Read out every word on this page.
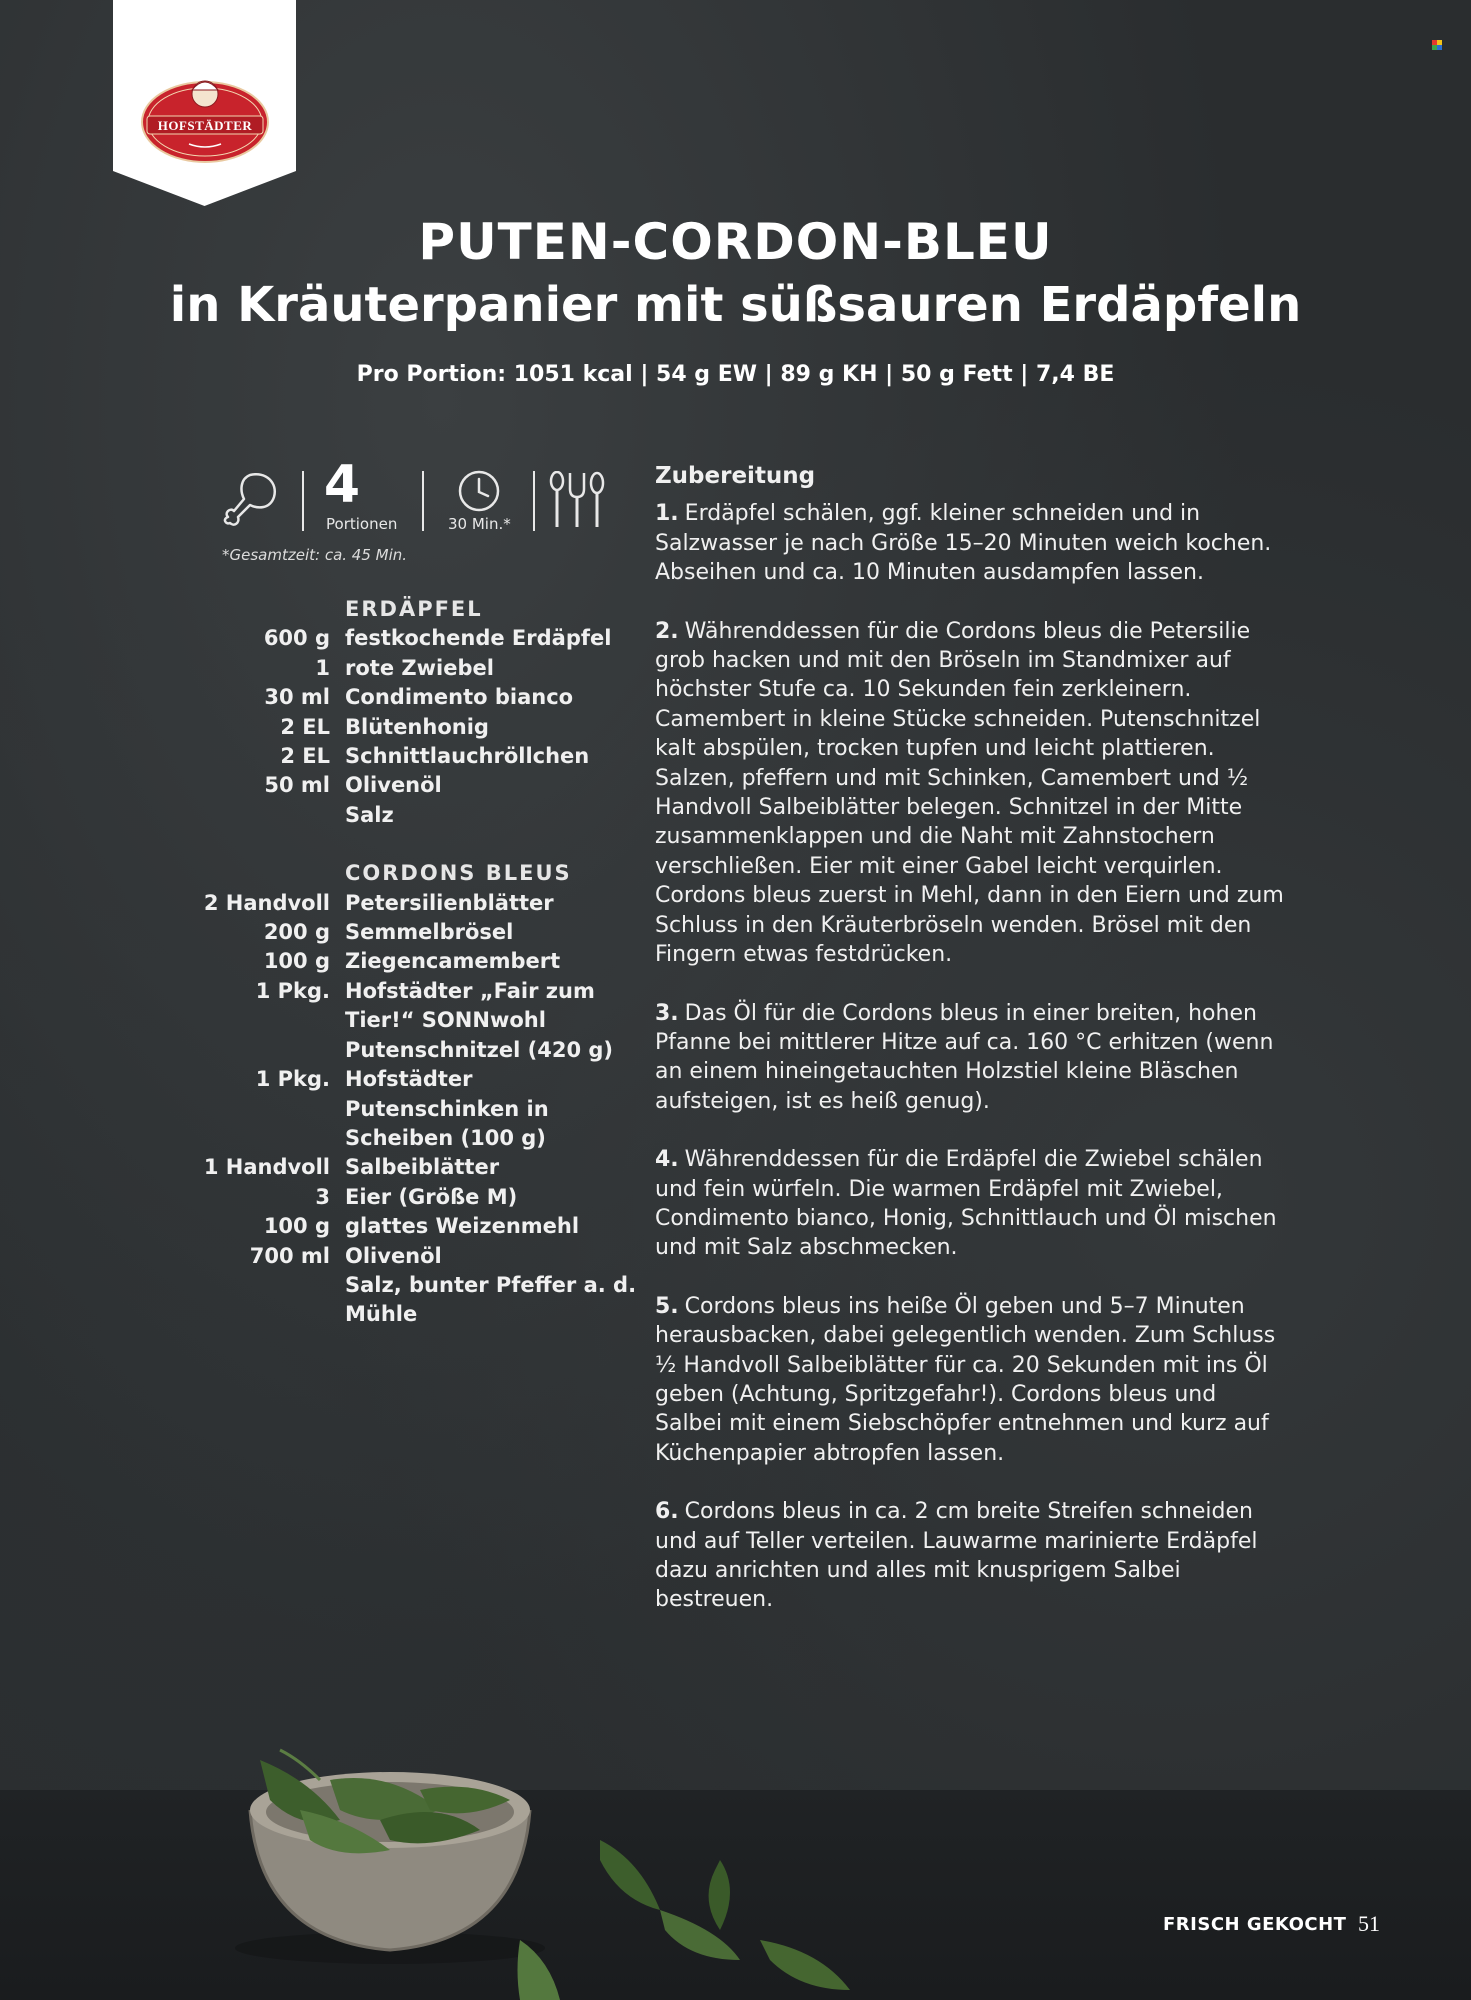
HOFSTÄDTER
PUTEN-CORDON-BLEU
in Kräuterpanier mit süßsauren Erdäpfeln
Pro Portion: 1051 kcal | 54 g EW | 89 g KH | 50 g Fett | 7,4 BE
4
Portionen	30 Min.*
*Gesamtzeit: ca. 45 Min.
ERDÄPFEL
600 g festkochende Erdäpfel
1 rote Zwiebel
30 ml Condimento bianco
2 EL Blütenhonig
2 EL Schnittlauchröllchen
50 ml Olivenöl
Salz
CORDONS BLEUS
2 Handvoll Petersilienblätter
200 g Semmelbrösel
100 g Ziegencamembert
1 Pkg. Hofstädter „Fair zum Tier!“ SONNwohl Putenschnitzel (420 g)
1 Pkg. Hofstädter Putenschinken in Scheiben (100 g)
1 Handvoll Salbeiblätter
3 Eier (Größe M)
100 g glattes Weizenmehl
700 ml Olivenöl
Salz, bunter Pfeffer a. d. Mühle
Zubereitung
1. Erdäpfel schälen, ggf. kleiner schneiden und in Salzwasser je nach Größe 15–20 Minuten weich kochen. Abseihen und ca. 10 Minuten ausdampfen lassen.
2. Währenddessen für die Cordons bleus die Petersilie grob hacken und mit den Bröseln im Standmixer auf höchster Stufe ca. 10 Sekunden fein zerkleinern. Camembert in kleine Stücke schneiden. Putenschnitzel kalt abspülen, trocken tupfen und leicht plattieren. Salzen, pfeffern und mit Schinken, Camembert und ½ Handvoll Salbeiblätter belegen. Schnitzel in der Mitte zusammenklappen und die Naht mit Zahnstochern verschließen. Eier mit einer Gabel leicht verquirlen. Cordons bleus zuerst in Mehl, dann in den Eiern und zum Schluss in den Kräuterbröseln wenden. Brösel mit den Fingern etwas festdrücken.
3. Das Öl für die Cordons bleus in einer breiten, hohen Pfanne bei mittlerer Hitze auf ca. 160 °C erhitzen (wenn an einem hineingetauchten Holzstiel kleine Bläschen aufsteigen, ist es heiß genug).
4. Währenddessen für die Erdäpfel die Zwiebel schälen und fein würfeln. Die warmen Erdäpfel mit Zwiebel, Condimento bianco, Honig, Schnittlauch und Öl mischen und mit Salz abschmecken.
5. Cordons bleus ins heiße Öl geben und 5–7 Minuten herausbacken, dabei gelegentlich wenden. Zum Schluss ½ Handvoll Salbeiblätter für ca. 20 Sekunden mit ins Öl geben (Achtung, Spritzgefahr!). Cordons bleus und Salbei mit einem Siebschöpfer entnehmen und kurz auf Küchenpapier abtropfen lassen.
6. Cordons bleus in ca. 2 cm breite Streifen schneiden und auf Teller verteilen. Lauwarme marinierte Erdäpfel dazu anrichten und alles mit knusprigem Salbei bestreuen.
FRISCH GEKOCHT 51
